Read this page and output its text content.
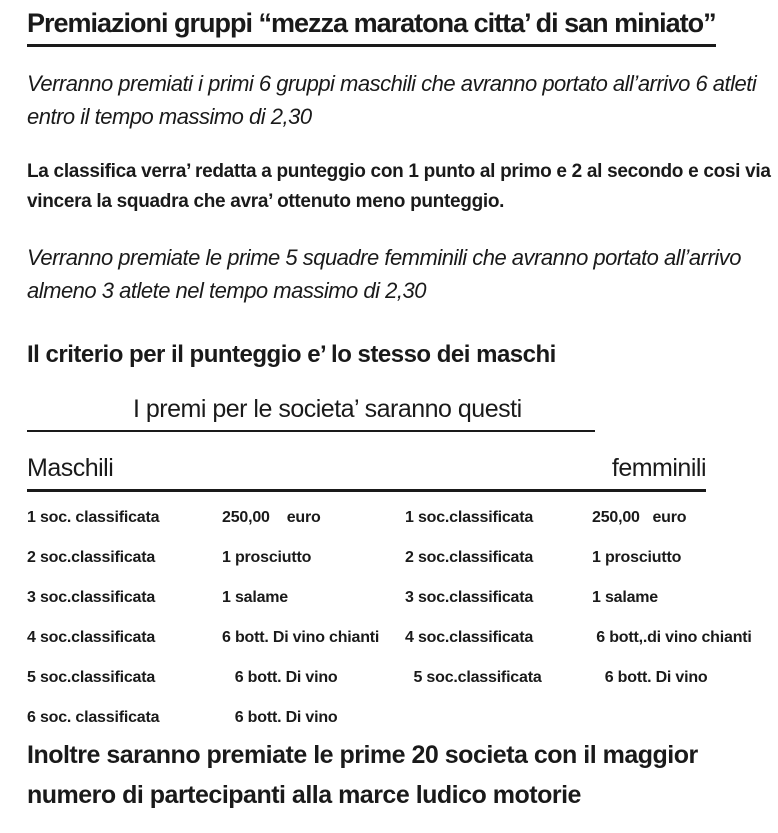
Premiazioni gruppi “mezza maratona citta’ di san miniato”

Verranno premiati i primi 6 gruppi maschili che avranno portato all’arrivo 6 atleti entro il tempo massimo di 2,30

La classifica verra’ redatta a punteggio con 1 punto al primo e 2 al secondo e cosi via vincera la squadra che avra’ ottenuto meno punteggio.

Verranno premiate le prime 5 squadre femminili che avranno portato all’arrivo almeno 3 atlete nel tempo massimo di 2,30

Il criterio per il punteggio e’ lo stesso dei maschi
I premi per le societa’ saranno questi
Maschili	femminili
1 soc. classificata	250,00    euro	1 soc.classificata	250,00   euro
2 soc.classificata	1 prosciutto	2 soc.classificata	1 prosciutto
3 soc.classificata	1 salame	3 soc.classificata	1 salame
4 soc.classificata	6 bott. Di vino chianti	4 soc.classificata	6 bott,.di vino chianti
5 soc.classificata	6 bott. Di vino	5 soc.classificata	6 bott. Di vino
6 soc. classificata	6 bott. Di vino
Inoltre saranno premiate le prime 20 societa con il maggior numero di partecipanti alla marce ludico motorie
